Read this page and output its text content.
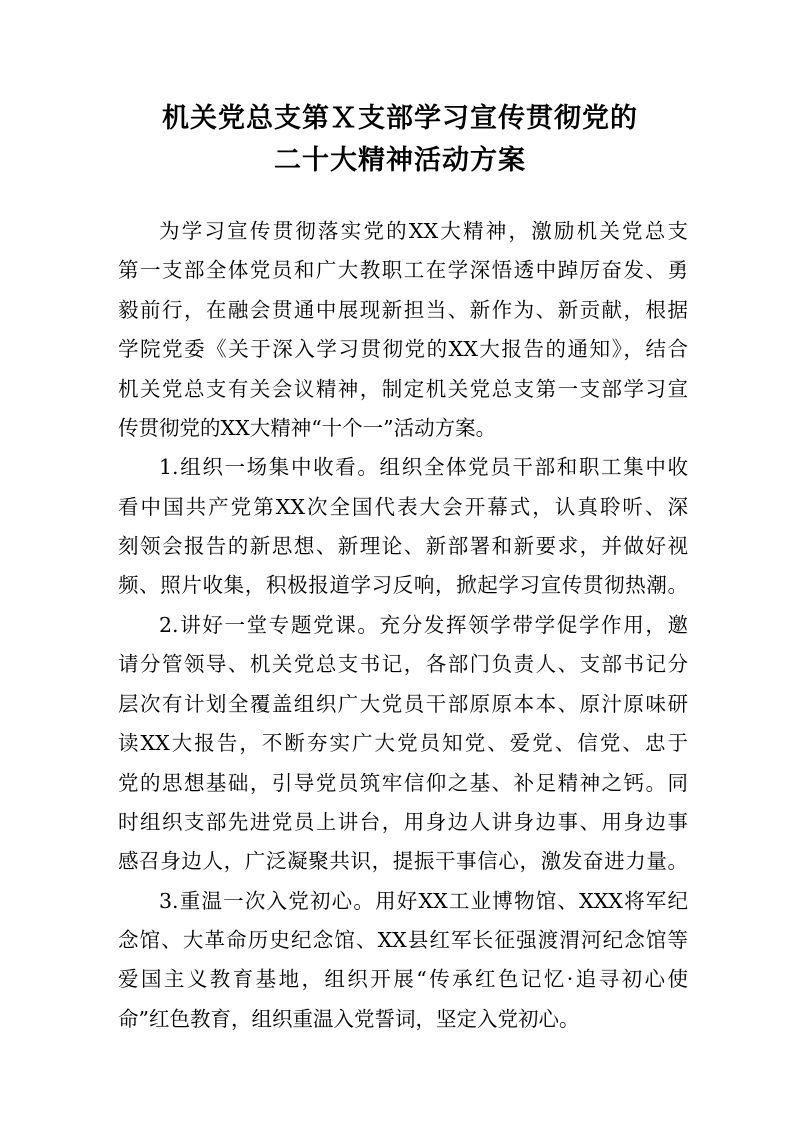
机关党总支第Ｘ支部学习宣传贯彻党的
二十大精神活动方案
为学习宣传贯彻落实党的XX大精神，激励机关党总支
第一支部全体党员和广大教职工在学深悟透中踔厉奋发、勇
毅前行，在融会贯通中展现新担当、新作为、新贡献，根据
学院党委《关于深入学习贯彻党的XX大报告的通知》，结合
机关党总支有关会议精神，制定机关党总支第一支部学习宣
传贯彻党的XX大精神“十个一”活动方案。
1.组织一场集中收看。组织全体党员干部和职工集中收
看中国共产党第XX次全国代表大会开幕式，认真聆听、深
刻领会报告的新思想、新理论、新部署和新要求，并做好视
频、照片收集，积极报道学习反响，掀起学习宣传贯彻热潮。
2.讲好一堂专题党课。充分发挥领学带学促学作用，邀
请分管领导、机关党总支书记，各部门负责人、支部书记分
层次有计划全覆盖组织广大党员干部原原本本、原汁原味研
读XX大报告，不断夯实广大党员知党、爱党、信党、忠于
党的思想基础，引导党员筑牢信仰之基、补足精神之钙。同
时组织支部先进党员上讲台，用身边人讲身边事、用身边事
感召身边人，广泛凝聚共识，提振干事信心，激发奋进力量。
3.重温一次入党初心。用好XX工业博物馆、XXX将军纪
念馆、大革命历史纪念馆、XX县红军长征强渡渭河纪念馆等
爱国主义教育基地，组织开展“传承红色记忆·追寻初心使
命”红色教育，组织重温入党誓词，坚定入党初心。
